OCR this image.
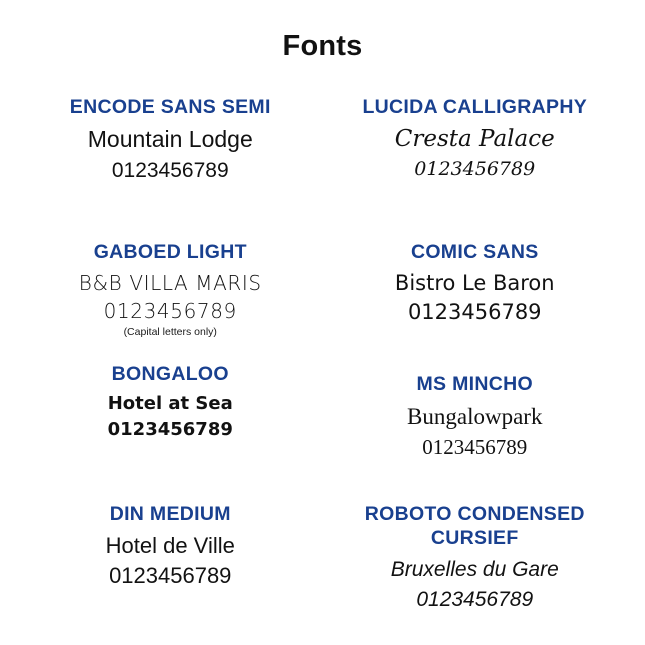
Fonts
ENCODE SANS SEMI
Mountain Lodge
0123456789
LUCIDA CALLIGRAPHY
Cresta Palace
0123456789
GABOED LIGHT
B&B VILLA MARIS
0123456789
(Capital letters only)
COMIC SANS
Bistro Le Baron
0123456789
BONGALOO
Hotel at Sea
0123456789
MS MINCHO
Bungalowpark
0123456789
DIN MEDIUM
Hotel de Ville
0123456789
ROBOTO CONDENSED CURSIEF
Bruxelles du Gare
0123456789
